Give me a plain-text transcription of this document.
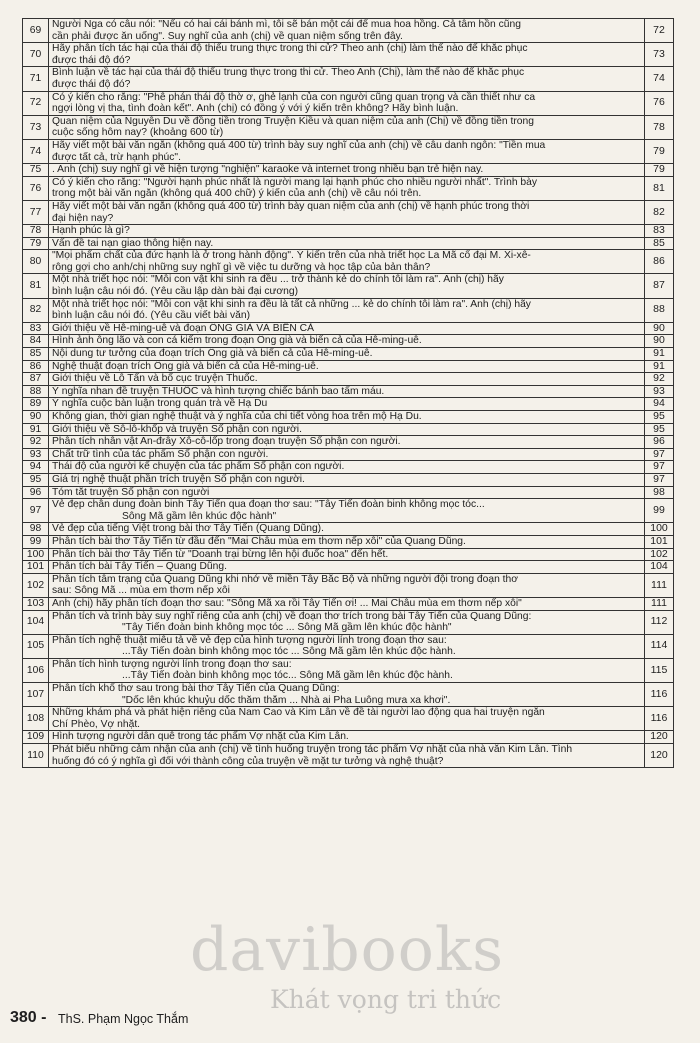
69	Người Nga có câu nói: "Nếu có hai cái bánh mì, tôi sẽ bán một cái để mua hoa hồng. Cả tâm hồn cũng
cần phải được ăn uống". Suy nghĩ của anh (chị) về quan niệm sống trên đây.	72
70	Hãy phân tích tác hại của thái độ thiếu trung thực trong thi cử? Theo anh (chị) làm thế nào để khắc phục
được thái độ đó?	73
71	Bình luận về tác hại của thái độ thiếu trung thực trong thi cử. Theo Anh (Chị), làm thế nào để khắc phục
được thái độ đó?	74
72	Có ý kiến cho rằng: "Phê phán thái độ thờ ơ, ghẻ lạnh của con người cũng quan trọng và cần thiết như ca
ngợi lòng vị tha, tình đoàn kết". Anh (chị) có đồng ý với ý kiến trên không? Hãy bình luận.	76
73	Quan niệm của Nguyễn Du về đồng tiền trong Truyện Kiều và quan niệm của anh (Chị) về đồng tiền trong
cuộc sống hôm nay? (khoảng 600 từ)	78
74	Hãy viết một bài văn ngắn (không quá 400 từ) trình bày suy nghĩ của anh (chị) về câu danh ngôn: "Tiền mua
được tất cả, trừ hạnh phúc".	79
75	. Anh (chị) suy nghĩ gì về hiện tượng "nghiện" karaoke và internet trong nhiều bạn trẻ hiện nay.	79
76	Có ý kiến cho rằng: "Người hạnh phúc nhất là người mang lại hạnh phúc cho nhiều người nhất". Trình bày
trong một bài văn ngắn (không quá 400 chữ) ý kiến của anh (chị) về câu nói trên.	81
77	Hãy viết một bài văn ngắn (không quá 400 từ) trình bày quan niệm của anh (chị) về hạnh phúc trong thời
đại hiện nay?	82
78	Hạnh phúc là gì?	83
79	Vấn đề tai nạn giao thông hiện nay.	85
80	"Mọi phẩm chất của đức hạnh là ở trong hành động". Ý kiến trên của nhà triết học La Mã cổ đại M. Xi-xê-
rông gợi cho anh/chị những suy nghĩ gì về việc tu dưỡng và học tập của bản thân?	86
81	Một nhà triết học nói: "Mỗi con vật khi sinh ra đều ... trở thành kẻ do chính tôi làm ra". Anh (chị) hãy
bình luận câu nói đó. (Yêu cầu lập dàn bài đại cương)	87
82	Một nhà triết học nói: "Mỗi con vật khi sinh ra đều là tất cả những ... kẻ do chính tôi làm ra". Anh (chị) hãy
bình luận câu nói đó. (Yêu cầu viết bài văn)	88
83	Giới thiệu về Hê-ming-uê và đoạn ÔNG GIÀ VÀ BIỂN CẢ	90
84	Hình ảnh ông lão và con cá kiếm trong đoạn Ông già và biển cả của Hê-ming-uê.	90
85	Nội dung tư tưởng của đoạn trích Ông già và biển cả của Hê-ming-uê.	91
86	Nghệ thuật đoạn trích Ông già và biển cả của Hê-ming-uê.	91
87	Giới thiệu về Lỗ Tấn và bố cục truyện Thuốc.	92
88	Ý nghĩa nhan đề truyện THUỐC và hình tượng chiếc bánh bao tẩm máu.	93
89	Ý nghĩa cuộc bàn luận trong quán trà về Hạ Du	94
90	Không gian, thời gian nghệ thuật và ý nghĩa của chi tiết vòng hoa trên mộ Hạ Du.	95
91	Giới thiệu về Sô-lô-khốp và truyện Số phận con người.	95
92	Phân tích nhân vật An-đrây Xô-cô-lốp trong đoạn truyện Số phận con người.	96
93	Chất trữ tình của tác phẩm Số phận con người.	97
94	Thái độ của người kể chuyện của tác phẩm Số phận con người.	97
95	Giá trị nghệ thuật phần trích truyện Số phận con người.	97
96	Tóm tắt truyện Số phận con người	98
97	Vẻ đẹp chân dung đoàn binh Tây Tiến qua đoạn thơ sau: "Tây Tiến đoàn binh không mọc tóc...
Sông Mã gầm lên khúc độc hành"	99
98	Vẻ đẹp của tiếng Việt trong bài thơ Tây Tiến (Quang Dũng).	100
99	Phân tích bài thơ Tây Tiến từ đầu đến "Mai Châu mùa em thơm nếp xôi" của Quang Dũng.	101
100	Phân tích bài thơ Tây Tiến từ "Doanh trại bừng lên hội đuốc hoa" đến hết.	102
101	Phân tích bài Tây Tiến – Quang Dũng.	104
102	Phân tích tâm trạng của Quang Dũng khi nhớ về miền Tây Bắc Bộ và những người đội trong đoạn thơ
sau: Sông Mã ... mùa em thơm nếp xôi	111
103	Anh (chị) hãy phân tích đoạn thơ sau: "Sông Mã xa rồi Tây Tiến ơi! ... Mai Châu mùa em thơm nếp xôi"	111
104	Phân tích và trình bày suy nghĩ riêng của anh (chị) về đoạn thơ trích trong bài Tây Tiến của Quang Dũng:
"Tây Tiến đoàn binh không mọc tóc ... Sông Mã gầm lên khúc độc hành"	112
105	Phân tích nghệ thuật miêu tả về vẻ đẹp của hình tượng người lính trong đoạn thơ sau:
...Tây Tiến đoàn binh không mọc tóc ... Sông Mã gầm lên khúc độc hành.	114
106	Phân tích hình tượng người lính trong đoạn thơ sau:
...Tây Tiến đoàn binh không mọc tóc... Sông Mã gầm lên khúc độc hành.	115
107	Phân tích khổ thơ sau trong bài thơ Tây Tiến của Quang Dũng:
"Dốc lên khúc khuỷu dốc thăm thẳm ... Nhà ai Pha Luông mưa xa khơi".	116
108	Những khám phá và phát hiện riêng của Nam Cao và Kim Lân về đề tài người lao động qua hai truyện ngắn
Chí Phèo, Vợ nhặt.	116
109	Hình tượng người dân quê trong tác phẩm Vợ nhặt của Kim Lân.	120
110	Phát biểu những cảm nhận của anh (chị) về tình huống truyện trong tác phẩm Vợ nhặt của nhà văn Kim Lân. Tình
huống đó có ý nghĩa gì đối với thành công của truyện về mặt tư tưởng và nghệ thuật?	120
380 - ThS. Phạm Ngọc Thắm
davibooks
Khát vọng tri thức
